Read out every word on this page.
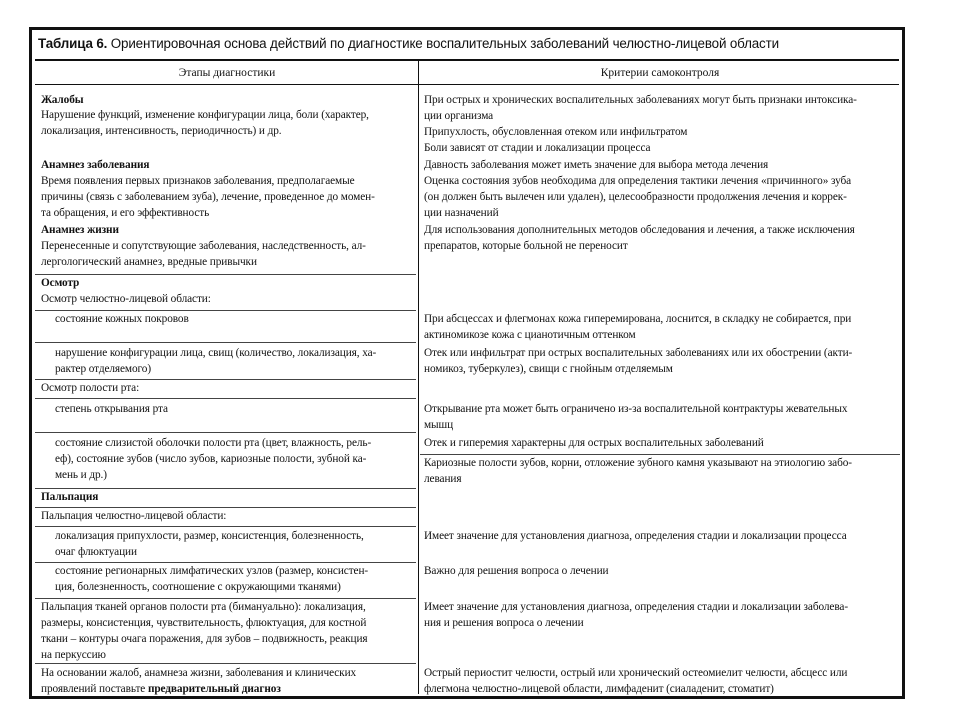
Таблица 6. Ориентировочная основа действий по диагностике воспалительных заболеваний челюстно-лицевой области
Этапы диагностики	Критерии самоконтроля
Жалобы
Нарушение функций, изменение конфигурации лица, боли (характер,
локализация, интенсивность, периодичность) и др.
Анамнез заболевания
Время появления первых признаков заболевания, предполагаемые
причины (связь с заболеванием зуба), лечение, проведенное до момен-
та обращения, и его эффективность
Анамнез жизни
Перенесенные и сопутствующие заболевания, наследственность, ал-
лергологический анамнез, вредные привычки
Осмотр
Осмотр челюстно-лицевой области:
состояние кожных покровов
нарушение конфигурации лица, свищ (количество, локализация, ха-
рактер отделяемого)
Осмотр полости рта:
степень открывания рта
состояние слизистой оболочки полости рта (цвет, влажность, рель-
еф), состояние зубов (число зубов, кариозные полости, зубной ка-
мень и др.)
Пальпация
Пальпация челюстно-лицевой области:
локализация припухлости, размер, консистенция, болезненность,
очаг флюктуации
состояние регионарных лимфатических узлов (размер, консистен-
ция, болезненность, соотношение с окружающими тканями)
Пальпация тканей органов полости рта (бимануально): локализация,
размеры, консистенция, чувствительность, флюктуация, для костной
ткани – контуры очага поражения, для зубов – подвижность, реакция
на перкуссию
На основании жалоб, анамнеза жизни, заболевания и клинических
проявлений поставьте предварительный диагноз
При острых и хронических воспалительных заболеваниях могут быть признаки интоксика-
ции организма
Припухлость, обусловленная отеком или инфильтратом
Боли зависят от стадии и локализации процесса
Давность заболевания может иметь значение для выбора метода лечения
Оценка состояния зубов необходима для определения тактики лечения «причинного» зуба
(он должен быть вылечен или удален), целесообразности продолжения лечения и коррек-
ции назначений
Для использования дополнительных методов обследования и лечения, а также исключения
препаратов, которые больной не переносит
При абсцессах и флегмонах кожа гиперемирована, лоснится, в складку не собирается, при
актиномикозе кожа с цианотичным оттенком
Отек или инфильтрат при острых воспалительных заболеваниях или их обострении (акти-
номикоз, туберкулез), свищи с гнойным отделяемым
Открывание рта может быть ограничено из-за воспалительной контрактуры жевательных
мышц
Отек и гиперемия характерны для острых воспалительных заболеваний
Кариозные полости зубов, корни, отложение зубного камня указывают на этиологию забо-
левания
Имеет значение для установления диагноза, определения стадии и локализации процесса
Важно для решения вопроса о лечении
Имеет значение для установления диагноза, определения стадии и локализации заболева-
ния и решения вопроса о лечении
Острый периостит челюсти, острый или хронический остеомиелит челюсти, абсцесс или
флегмона челюстно-лицевой области, лимфаденит (сиаладенит, стоматит)
